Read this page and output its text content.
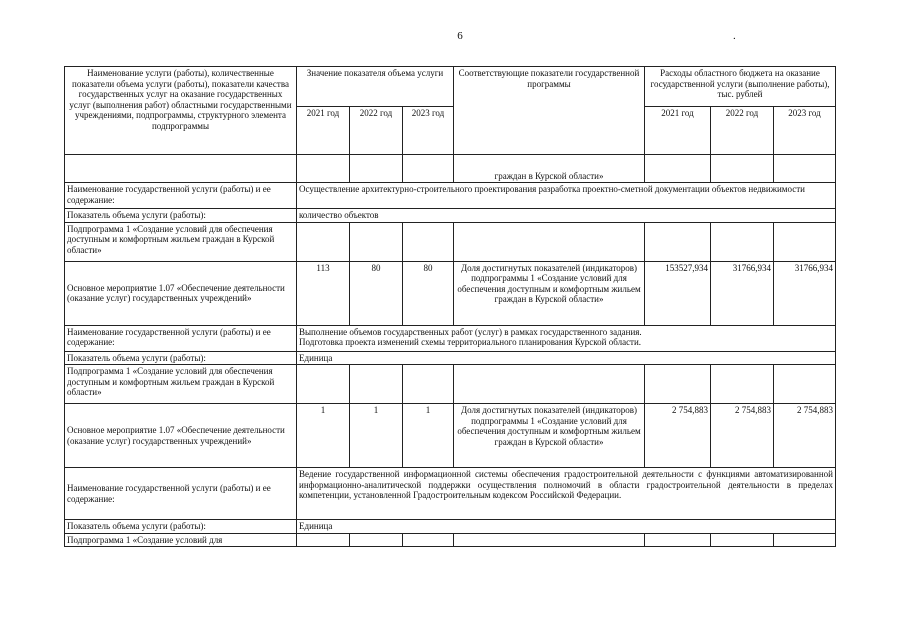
6	.
Наименование услуги (работы), количественные показатели объема услуги (работы), показатели качества государственных услуг на оказание государственных услуг (выполнения работ) областными государственными учреждениями, подпрограммы, структурного элемента подпрограммы	Значение показателя объема услуги			Соответствующие показатели государственной программы	Расходы областного бюджета на оказание государственной услуги (выполнение работы), тыс. рублей		
	2021 год	2022 год	2023 год		2021 год	2022 год	2023 год
				граждан в Курской области»			
Наименование государственной услуги (работы) и ее содержание:	Осуществление архитектурно-строительного проектирования разработка проектно-сметной документации объектов недвижимости						
Показатель объема услуги (работы):	количество объектов						
Подпрограмма 1 «Создание условий для обеспечения доступным и комфортным жильем граждан в Курской области»							
Основное мероприятие 1.07 «Обеспечение деятельности (оказание услуг) государственных учреждений»	113	80	80	Доля достигнутых показателей (индикаторов) подпрограммы 1 «Создание условий для обеспечения доступным и комфортным жильем граждан в Курской области»	153527,934	31766,934	31766,934
Наименование государственной услуги (работы) и ее содержание:	Выполнение объемов государственных работ (услуг) в рамках государственного задания.
Подготовка проекта изменений схемы территориального планирования Курской области.						

Показатель объема услуги (работы):	Единица						
Подпрограмма 1 «Создание условий для обеспечения доступным и комфортным жильем граждан в Курской области»							
Основное мероприятие 1.07 «Обеспечение деятельности (оказание услуг) государственных учреждений»	1	1	1	Доля достигнутых показателей (индикаторов) подпрограммы 1 «Создание условий для обеспечения доступным и комфортным жильем граждан в Курской области»	2 754,883	2 754,883	2 754,883
Наименование государственной услуги (работы) и ее содержание:	Ведение государственной информационной системы обеспечения градостроительной деятельности с функциями автоматизированной информационно-аналитической поддержки осуществления полномочий в области градостроительной деятельности в пределах компетенции, установленной Градостроительным кодексом Российской Федерации.						
Показатель объема услуги (работы):	Единица						
Подпрограмма 1 «Создание условий для							
